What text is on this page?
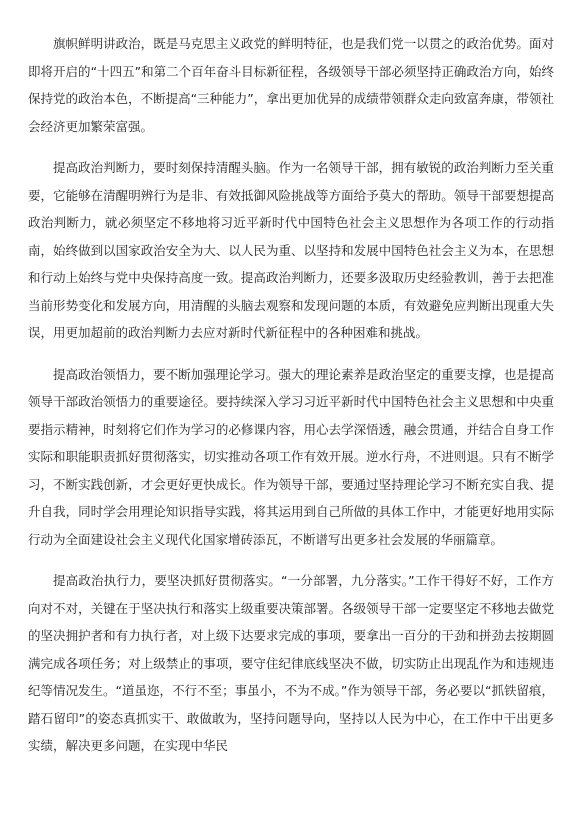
旗帜鲜明讲政治，既是马克思主义政党的鲜明特征，也是我们党一以贯之的政治优势。面对即将开启的“十四五”和第二个百年奋斗目标新征程，各级领导干部必须坚持正确政治方向，始终保持党的政治本色，不断提高“三种能力”，拿出更加优异的成绩带领群众走向致富奔康，带领社会经济更加繁荣富强。

提高政治判断力，要时刻保持清醒头脑。作为一名领导干部，拥有敏锐的政治判断力至关重要，它能够在清醒明辨行为是非、有效抵御风险挑战等方面给予莫大的帮助。领导干部要想提高政治判断力，就必须坚定不移地将习近平新时代中国特色社会主义思想作为各项工作的行动指南，始终做到以国家政治安全为大、以人民为重、以坚持和发展中国特色社会主义为本，在思想和行动上始终与党中央保持高度一致。提高政治判断力，还要多汲取历史经验教训，善于去把准当前形势变化和发展方向，用清醒的头脑去观察和发现问题的本质，有效避免应判断出现重大失误，用更加超前的政治判断力去应对新时代新征程中的各种困难和挑战。

提高政治领悟力，要不断加强理论学习。强大的理论素养是政治坚定的重要支撑，也是提高领导干部政治领悟力的重要途径。要持续深入学习习近平新时代中国特色社会主义思想和中央重要指示精神，时刻将它们作为学习的必修课内容，用心去学深悟透，融会贯通，并结合自身工作实际和职能职责抓好贯彻落实，切实推动各项工作有效开展。逆水行舟，不进则退。只有不断学习，不断实践创新，才会更好更快成长。作为领导干部，要通过坚持理论学习不断充实自我、提升自我，同时学会用理论知识指导实践，将其运用到自己所做的具体工作中，才能更好地用实际行动为全面建设社会主义现代化国家增砖添瓦，不断谱写出更多社会发展的华丽篇章。

提高政治执行力，要坚决抓好贯彻落实。“一分部署，九分落实。”工作干得好不好，工作方向对不对，关键在于坚决执行和落实上级重要决策部署。各级领导干部一定要坚定不移地去做党的坚决拥护者和有力执行者，对上级下达要求完成的事项，要拿出一百分的干劲和拼劲去按期圆满完成各项任务；对上级禁止的事项，要守住纪律底线坚决不做，切实防止出现乱作为和违规违纪等情况发生。“道虽迩，不行不至；事虽小，不为不成。”作为领导干部，务必要以“抓铁留痕，踏石留印”的姿态真抓实干、敢做敢为，坚持问题导向，坚持以人民为中心，在工作中干出更多实绩，解决更多问题，在实现中华民
